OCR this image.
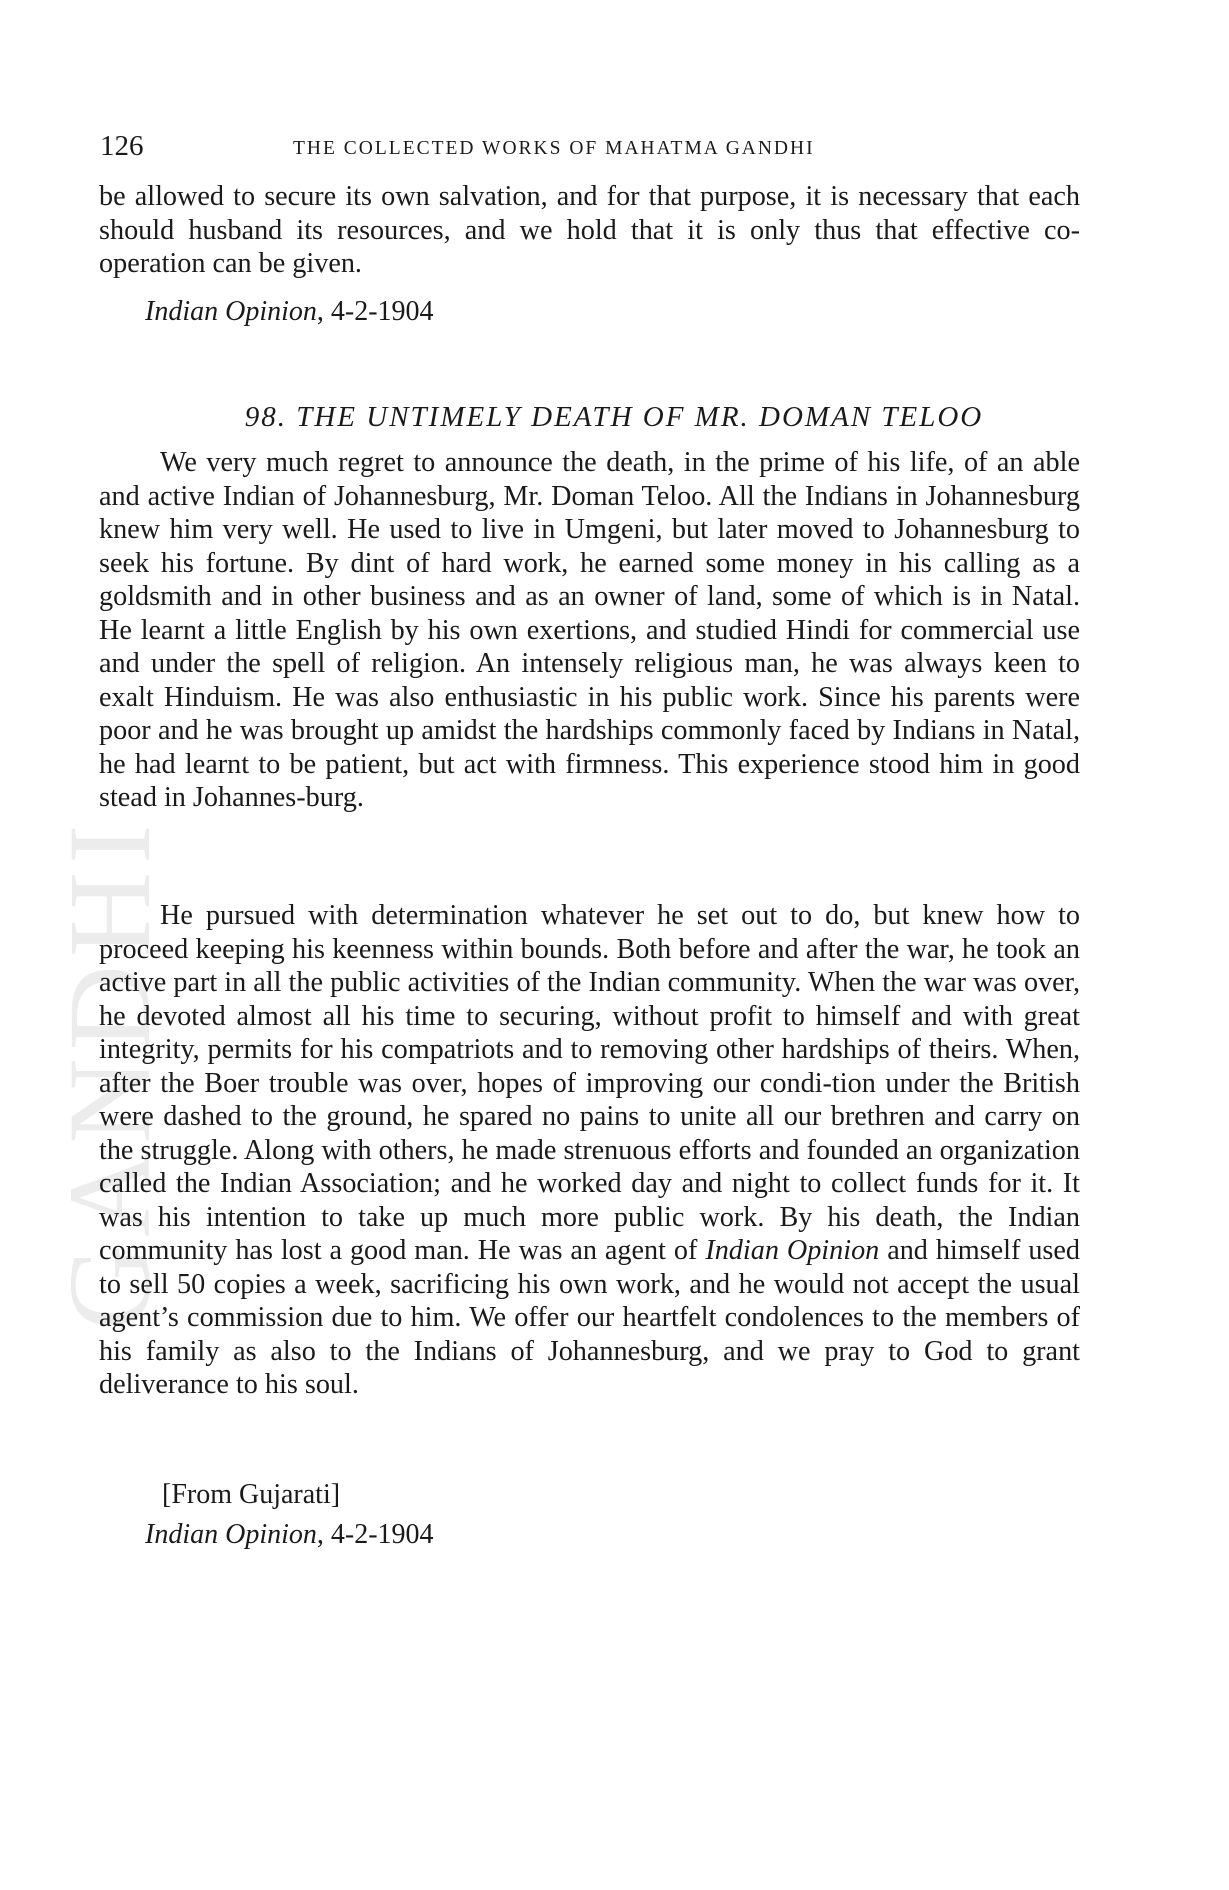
GANDHI
126	THE COLLECTED WORKS OF MAHATMA GANDHI

be allowed to secure its own salvation, and for that purpose, it is necessary that each should husband its resources, and we hold that it is only thus that effective co-operation can be given.

Indian Opinion, 4-2-1904
98. THE UNTIMELY DEATH OF MR. DOMAN TELOO

We very much regret to announce the death, in the prime of his life, of an able and active Indian of Johannesburg, Mr. Doman Teloo. All the Indians in Johannesburg knew him very well. He used to live in Umgeni, but later moved to Johannesburg to seek his fortune. By dint of hard work, he earned some money in his calling as a goldsmith and in other business and as an owner of land, some of which is in Natal. He learnt a little English by his own exertions, and studied Hindi for commercial use and under the spell of religion. An intensely religious man, he was always keen to exalt Hinduism. He was also enthusiastic in his public work. Since his parents were poor and he was brought up amidst the hardships commonly faced by Indians in Natal, he had learnt to be patient, but act with firmness. This experience stood him in good stead in Johannes-burg.

He pursued with determination whatever he set out to do, but knew how to proceed keeping his keenness within bounds. Both before and after the war, he took an active part in all the public activities of the Indian community. When the war was over, he devoted almost all his time to securing, without profit to himself and with great integrity, permits for his compatriots and to removing other hardships of theirs. When, after the Boer trouble was over, hopes of improving our condi-tion under the British were dashed to the ground, he spared no pains to unite all our brethren and carry on the struggle. Along with others, he made strenuous efforts and founded an organization called the Indian Association; and he worked day and night to collect funds for it. It was his intention to take up much more public work. By his death, the Indian community has lost a good man. He was an agent of Indian Opinion and himself used to sell 50 copies a week, sacrificing his own work, and he would not accept the usual agent’s commission due to him. We offer our heartfelt condolences to the members of his family as also to the Indians of Johannesburg, and we pray to God to grant deliverance to his soul.

[From Gujarati]
Indian Opinion, 4-2-1904
